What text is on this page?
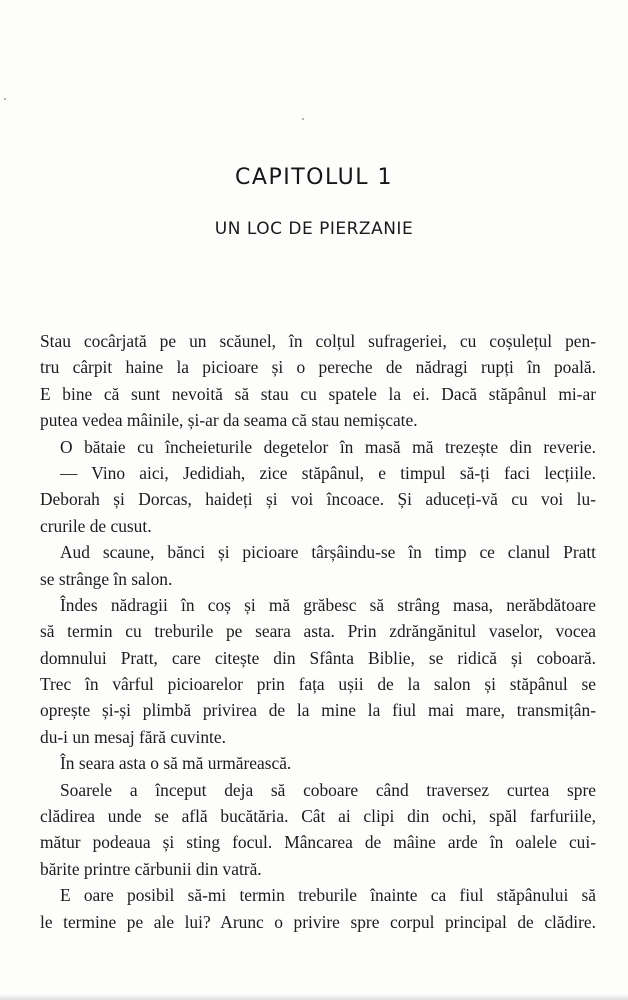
CAPITOLUL 1
UN LOC DE PIERZANIE
Stau cocârjată pe un scăunel, în colțul sufrageriei, cu coșulețul pen-
tru cârpit haine la picioare și o pereche de nădragi rupți în poală.
E bine că sunt nevoită să stau cu spatele la ei. Dacă stăpânul mi-ar
putea vedea mâinile, și-ar da seama că stau nemișcate.
O bătaie cu încheieturile degetelor în masă mă trezește din reverie.
— Vino aici, Jedidiah, zice stăpânul, e timpul să-ți faci lecțiile.
Deborah și Dorcas, haideți și voi încoace. Și aduceți-vă cu voi lu-
crurile de cusut.
Aud scaune, bănci și picioare târșâindu-se în timp ce clanul Pratt
se strânge în salon.
Îndes nădragii în coș și mă grăbesc să strâng masa, nerăbdătoare
să termin cu treburile pe seara asta. Prin zdrăngănitul vaselor, vocea
domnului Pratt, care citește din Sfânta Biblie, se ridică și coboară.
Trec în vârful picioarelor prin fața ușii de la salon și stăpânul se
oprește și-și plimbă privirea de la mine la fiul mai mare, transmițân-
du-i un mesaj fără cuvinte.
În seara asta o să mă urmărească.
Soarele a început deja să coboare când traversez curtea spre
clădirea unde se află bucătăria. Cât ai clipi din ochi, spăl farfuriile,
mătur podeaua și sting focul. Mâncarea de mâine arde în oalele cui-
bărite printre cărbunii din vatră.
E oare posibil să-mi termin treburile înainte ca fiul stăpânului să
le termine pe ale lui? Arunc o privire spre corpul principal de clădire.
